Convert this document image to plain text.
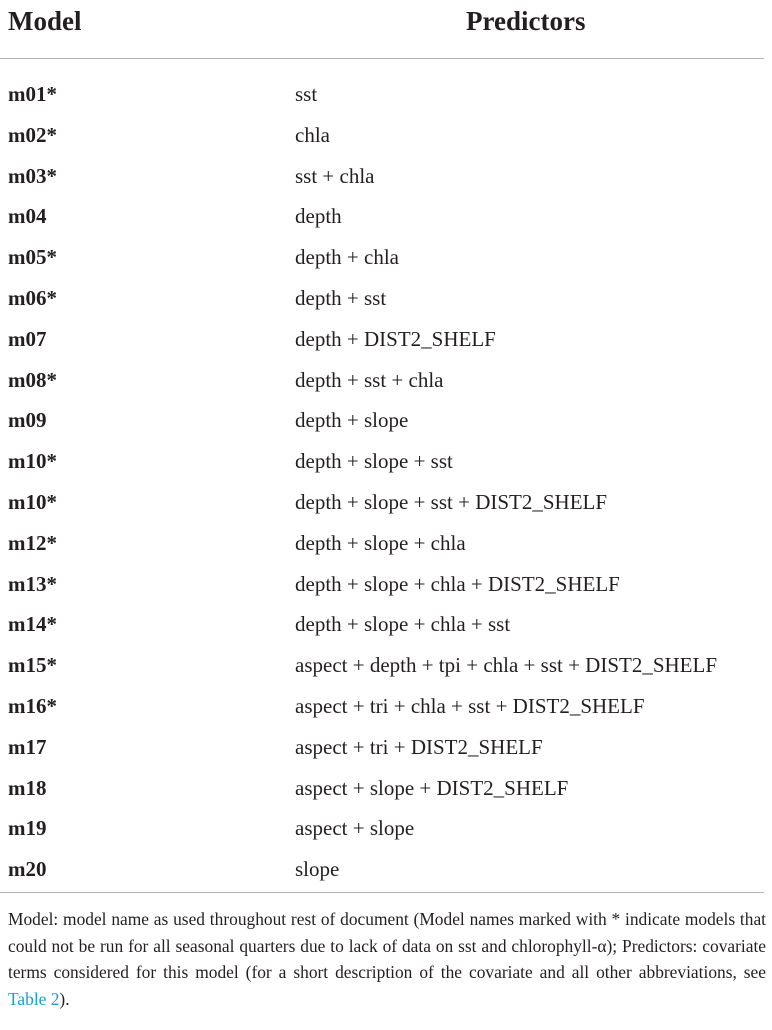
Model	Predictors
m01*	sst
m02*	chla
m03*	sst + chla
m04	depth
m05*	depth + chla
m06*	depth + sst
m07	depth + DIST2_SHELF
m08*	depth + sst + chla
m09	depth + slope
m10*	depth + slope + sst
m10*	depth + slope + sst + DIST2_SHELF
m12*	depth + slope + chla
m13*	depth + slope + chla + DIST2_SHELF
m14*	depth + slope + chla + sst
m15*	aspect + depth + tpi + chla + sst + DIST2_SHELF
m16*	aspect + tri + chla + sst + DIST2_SHELF
m17	aspect + tri + DIST2_SHELF
m18	aspect + slope + DIST2_SHELF
m19	aspect + slope
m20	slope
Model: model name as used throughout rest of document (Model names marked with * indicate models that could not be run for all seasonal quarters due to lack of data on sst and chlorophyll-α); Predictors: covariate terms considered for this model (for a short description of the covariate and all other abbreviations, see Table 2).
